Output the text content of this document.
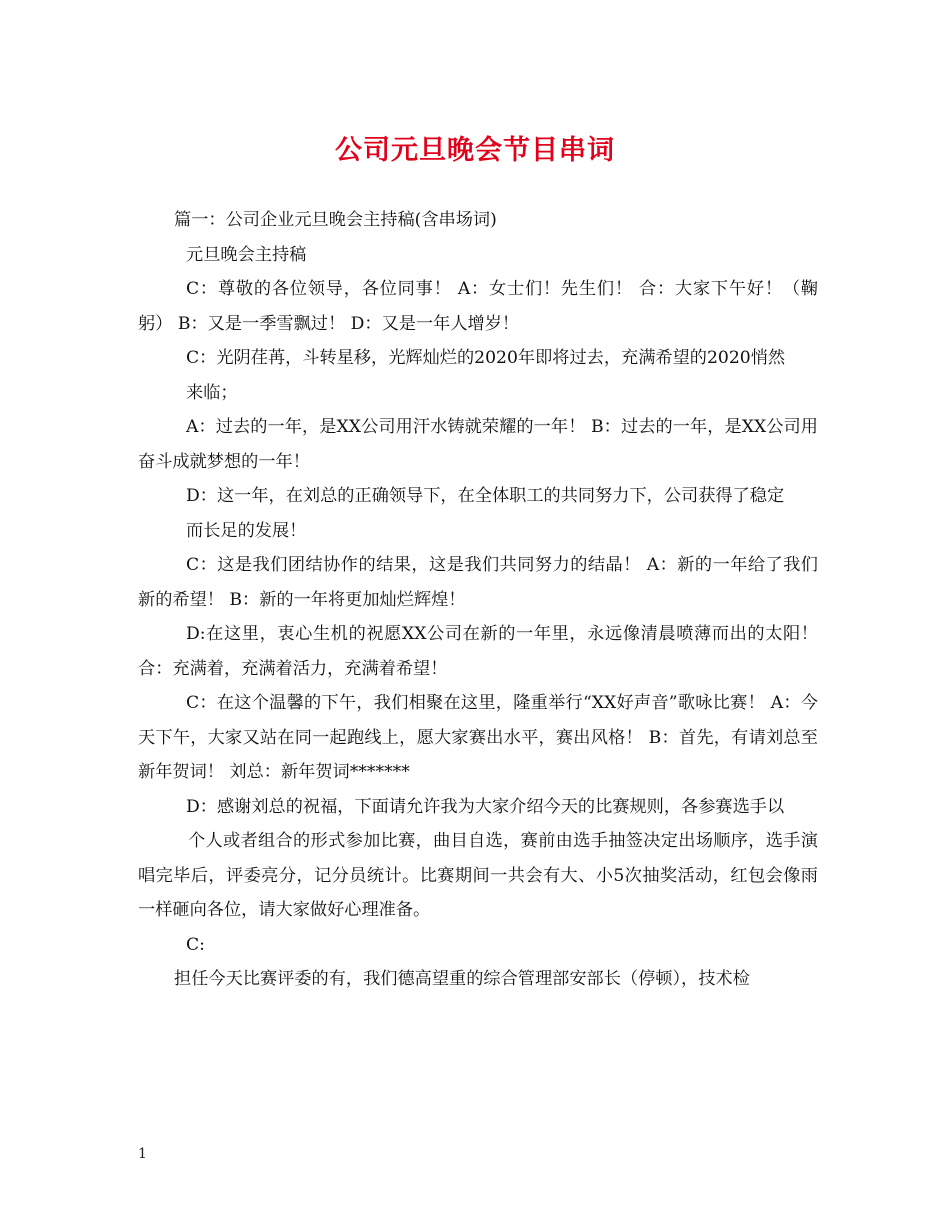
公司元旦晚会节目串词

篇一：公司企业元旦晚会主持稿(含串场词)

元旦晚会主持稿

C：尊敬的各位领导，各位同事！ A：女士们！先生们！ 合：大家下午好！（鞠躬） B：又是一季雪飘过！ D：又是一年人增岁！

C：光阴荏苒，斗转星移，光辉灿烂的2020年即将过去，充满希望的2020悄然

来临；

A：过去的一年，是XX公司用汗水铸就荣耀的一年！ B：过去的一年，是XX公司用奋斗成就梦想的一年！

D：这一年，在刘总的正确领导下，在全体职工的共同努力下，公司获得了稳定

而长足的发展！

C：这是我们团结协作的结果，这是我们共同努力的结晶！ A：新的一年给了我们新的希望！ B：新的一年将更加灿烂辉煌！

D:在这里，衷心生机的祝愿XX公司在新的一年里，永远像清晨喷薄而出的太阳！ 合：充满着，充满着活力，充满着希望！

C：在这个温馨的下午，我们相聚在这里，隆重举行“XX好声音”歌咏比赛！ A：今天下午，大家又站在同一起跑线上，愿大家赛出水平，赛出风格！ B：首先，有请刘总至新年贺词！ 刘总：新年贺词*******

D：感谢刘总的祝福，下面请允许我为大家介绍今天的比赛规则，各参赛选手以

个人或者组合的形式参加比赛，曲目自选，赛前由选手抽签决定出场顺序，选手演唱完毕后，评委亮分，记分员统计。比赛期间一共会有大、小5次抽奖活动，红包会像雨一样砸向各位，请大家做好心理准备。

C:

担任今天比赛评委的有，我们德高望重的综合管理部安部长（停顿），技术检

1
